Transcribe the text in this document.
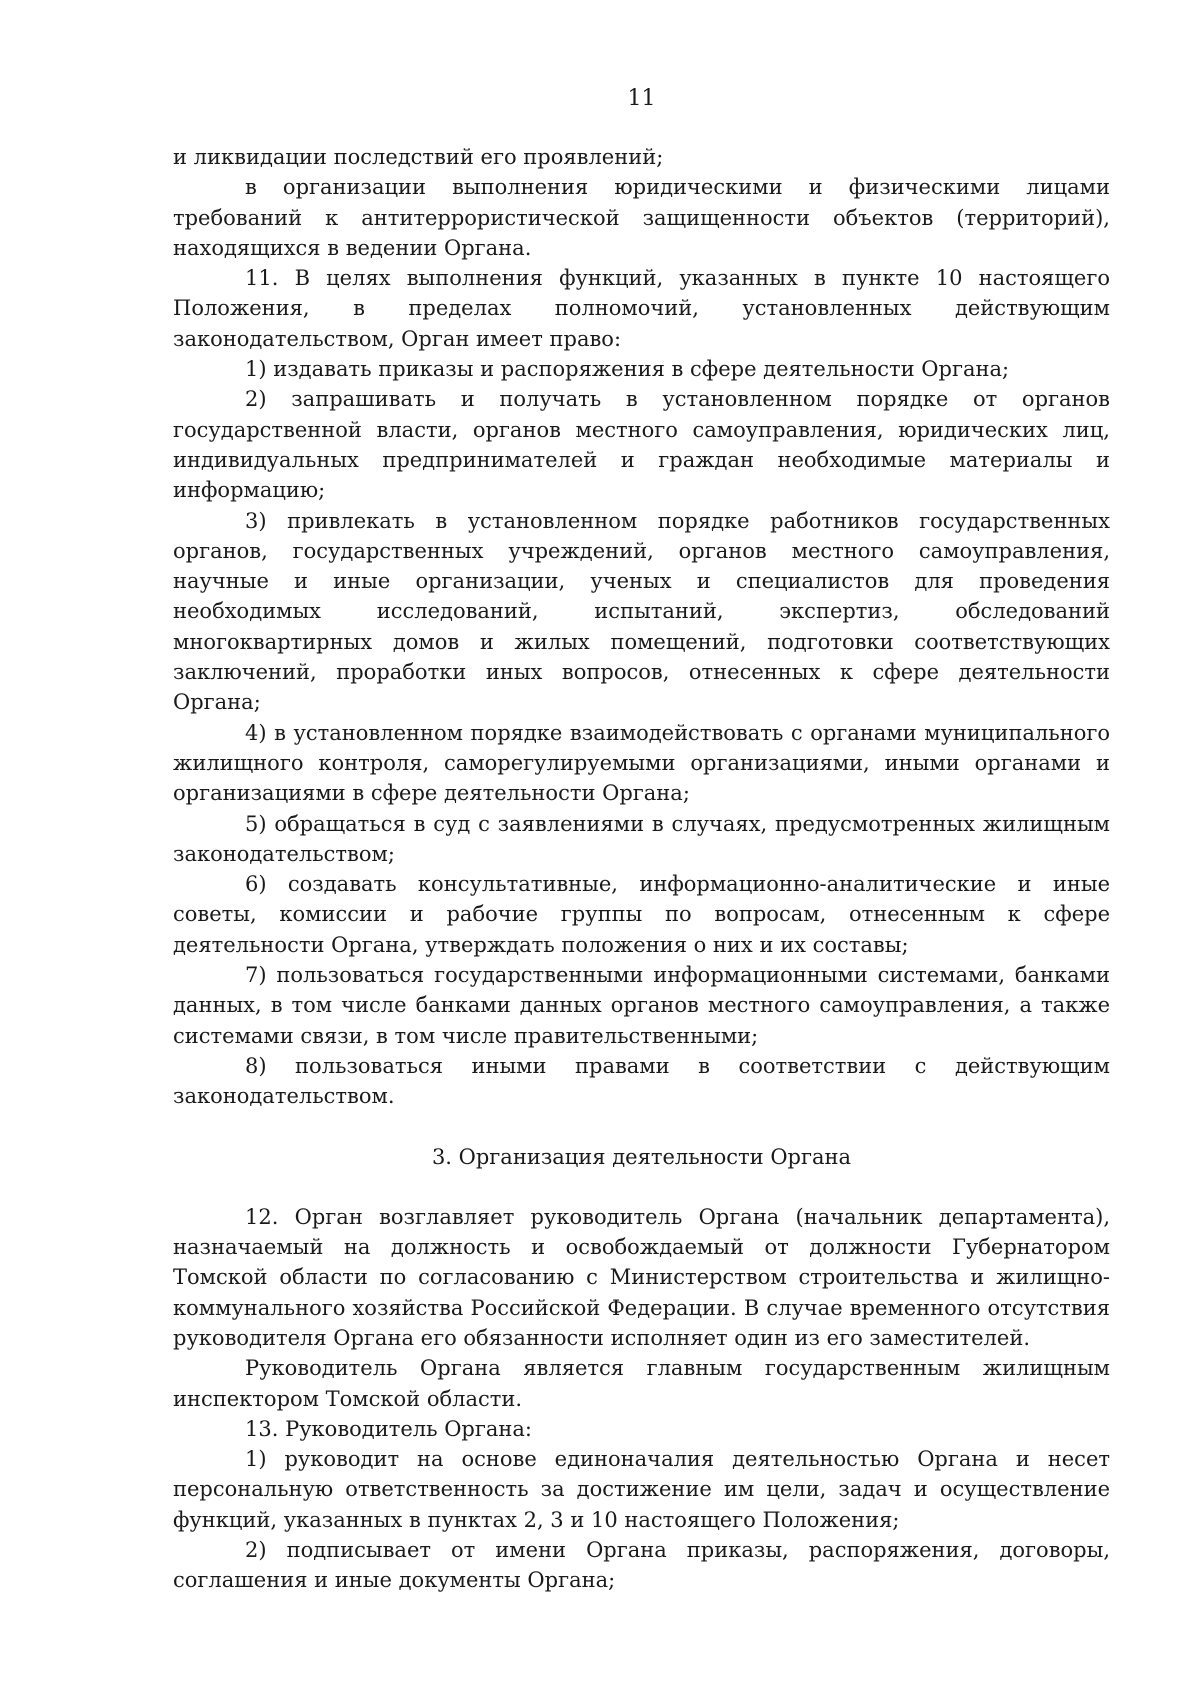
11

и ликвидации последствий его проявлений;

в организации выполнения юридическими и физическими лицами требований к антитеррористической защищенности объектов (территорий), находящихся в ведении Органа.

11. В целях выполнения функций, указанных в пункте 10 настоящего Положения, в пределах полномочий, установленных действующим законодательством, Орган имеет право:

1) издавать приказы и распоряжения в сфере деятельности Органа;

2) запрашивать и получать в установленном порядке от органов государственной власти, органов местного самоуправления, юридических лиц, индивидуальных предпринимателей и граждан необходимые материалы и информацию;

3) привлекать в установленном порядке работников государственных органов, государственных учреждений, органов местного самоуправления, научные и иные организации, ученых и специалистов для проведения необходимых исследований, испытаний, экспертиз, обследований многоквартирных домов и жилых помещений, подготовки соответствующих заключений, проработки иных вопросов, отнесенных к сфере деятельности Органа;

4) в установленном порядке взаимодействовать с органами муниципального жилищного контроля, саморегулируемыми организациями, иными органами и организациями в сфере деятельности Органа;

5) обращаться в суд с заявлениями в случаях, предусмотренных жилищным законодательством;

6) создавать консультативные, информационно-аналитические и иные советы, комиссии и рабочие группы по вопросам, отнесенным к сфере деятельности Органа, утверждать положения о них и их составы;

7) пользоваться государственными информационными системами, банками данных, в том числе банками данных органов местного самоуправления, а также системами связи, в том числе правительственными;

8) пользоваться иными правами в соответствии с действующим законодательством.

3. Организация деятельности Органа

12. Орган возглавляет руководитель Органа (начальник департамента), назначаемый на должность и освобождаемый от должности Губернатором Томской области по согласованию с Министерством строительства и жилищно-коммунального хозяйства Российской Федерации. В случае временного отсутствия руководителя Органа его обязанности исполняет один из его заместителей.

Руководитель Органа является главным государственным жилищным инспектором Томской области.

13. Руководитель Органа:

1) руководит на основе единоначалия деятельностью Органа и несет персональную ответственность за достижение им цели, задач и осуществление функций, указанных в пунктах 2, 3 и 10 настоящего Положения;

2) подписывает от имени Органа приказы, распоряжения, договоры, соглашения и иные документы Органа;
